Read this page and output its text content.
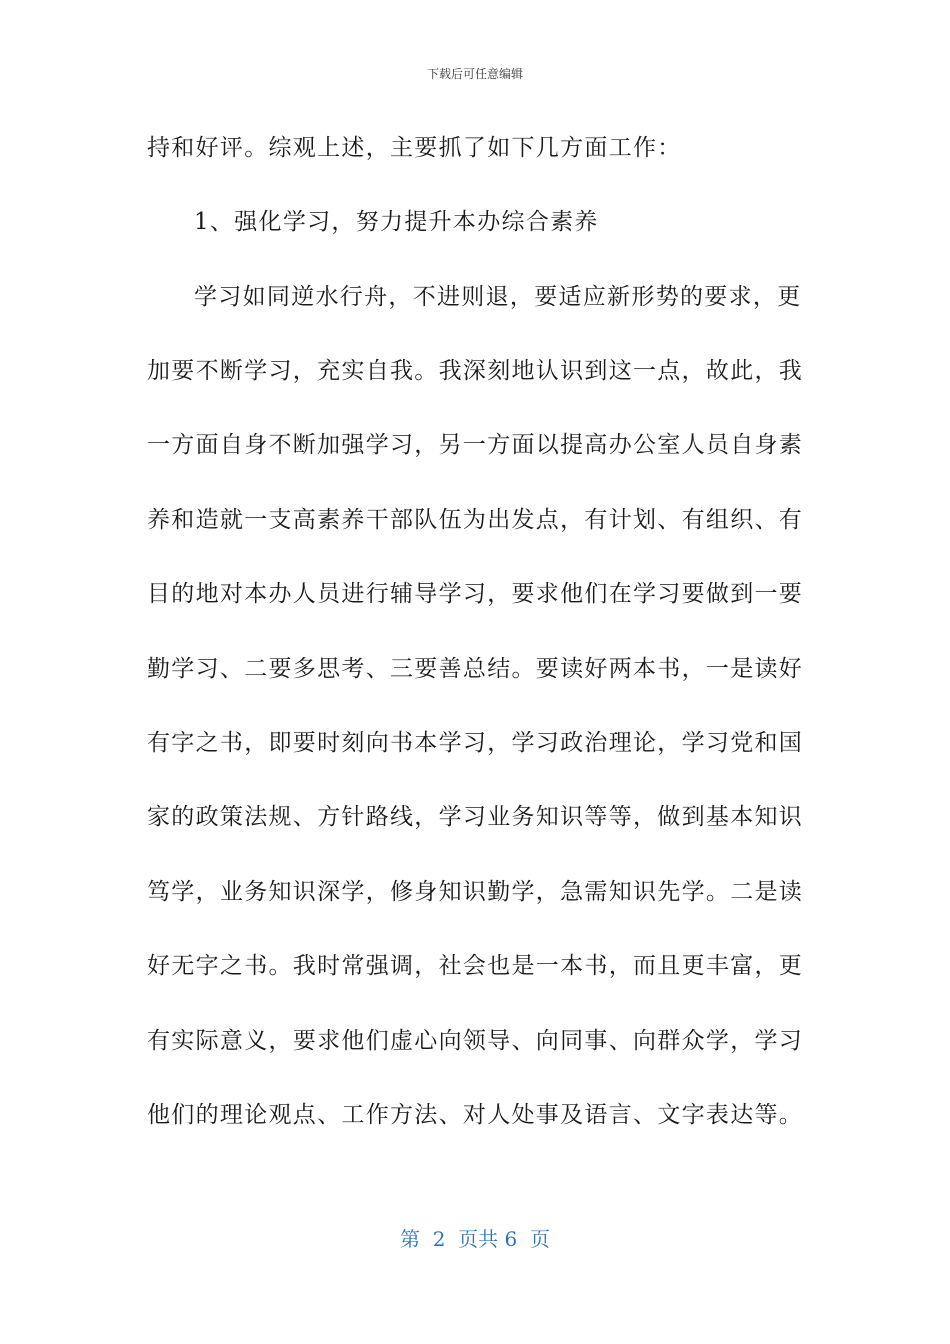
下载后可任意编辑
持和好评。综观上述，主要抓了如下几方面工作：
1、强化学习，努力提升本办综合素养
学习如同逆水行舟，不进则退，要适应新形势的要求，更
加要不断学习，充实自我。我深刻地认识到这一点，故此，我
一方面自身不断加强学习，另一方面以提高办公室人员自身素
养和造就一支高素养干部队伍为出发点，有计划、有组织、有
目的地对本办人员进行辅导学习，要求他们在学习要做到一要
勤学习、二要多思考、三要善总结。要读好两本书，一是读好
有字之书，即要时刻向书本学习，学习政治理论，学习党和国
家的政策法规、方针路线，学习业务知识等等，做到基本知识
笃学，业务知识深学，修身知识勤学，急需知识先学。二是读
好无字之书。我时常强调，社会也是一本书，而且更丰富，更
有实际意义，要求他们虚心向领导、向同事、向群众学，学习
他们的理论观点、工作方法、对人处事及语言、文字表达等。
第  2  页共 6  页
